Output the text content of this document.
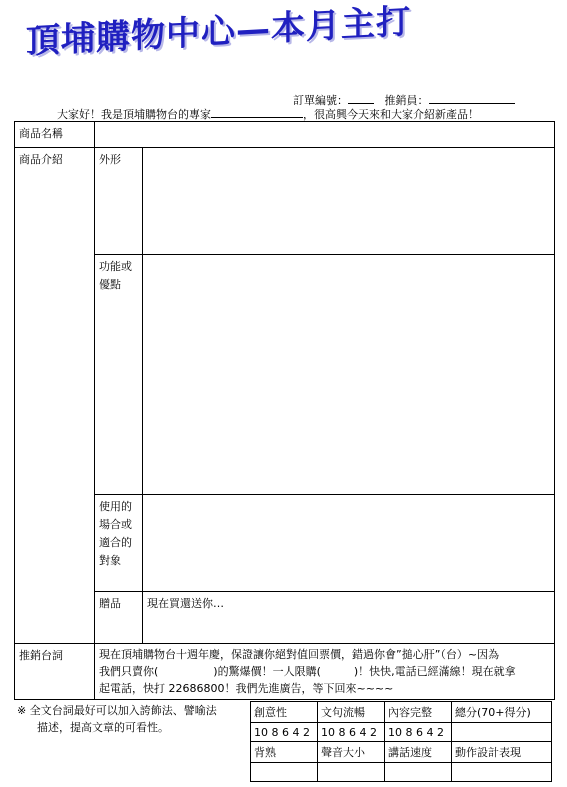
頂埔購物中心—本月主打
訂單編號：	推銷員：
大家好！我是頂埔購物台的專家	，很高興今天來和大家介紹新產品！
商品名稱		
商品介紹	外形	
	功能或
優點	
	使用的
場合或
適合的
對象	
	贈品	現在買還送你…
推銷台詞	現在頂埔購物台十週年慶，保證讓你絕對值回票價，錯過你會”搥心肝”（台）~因為
我們只賣你(　　　　　)的驚爆價！一人限購(　　　)！快快,電話已經滿線！現在就拿
起電話，快打 22686800！我們先進廣告，等下回來~~~~	
※ 全文台詞最好可以加入誇飾法、譬喻法
描述，提高文章的可看性。
創意性	文句流暢	內容完整	總分(70+得分)
10 8 6 4 2	10 8 6 4 2	10 8 6 4 2	
背熟	聲音大小	講話速度	動作設計表現
